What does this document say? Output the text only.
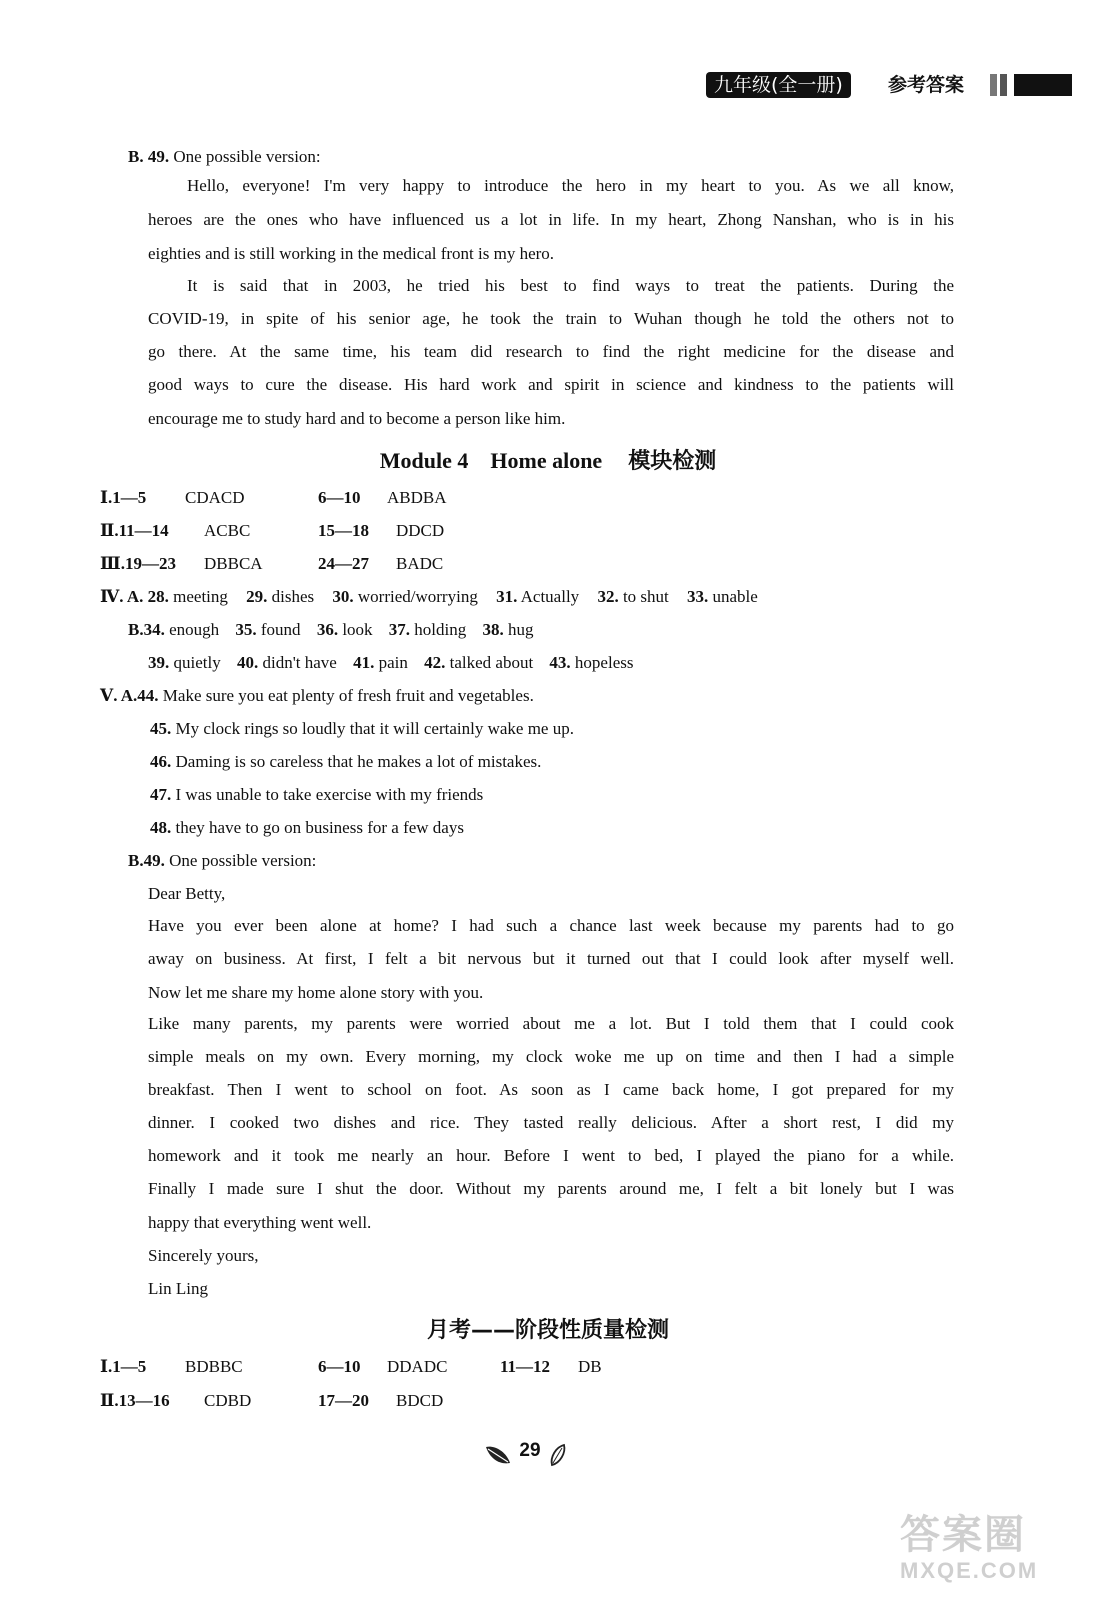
九年级(全一册)	参考答案
B. 49. One possible version:
Hello, everyone! I'm very happy to introduce the hero in my heart to you. As we all know,
heroes are the ones who have influenced us a lot in life. In my heart, Zhong Nanshan, who is in his
eighties and is still working in the medical front is my hero.
It is said that in 2003, he tried his best to find ways to treat the patients. During the
COVID-19, in spite of his senior age, he took the train to Wuhan though he told the others not to
go there. At the same time, his team did research to find the right medicine for the disease and
good ways to cure the disease. His hard work and spirit in science and kindness to the patients will
encourage me to study hard and to become a person like him.
Module 4    Home alone 模块检测
Ⅰ.1—5 CDACD	6—10 ABDBA
Ⅱ.11—14 ACBC	15—18 DDCD
Ⅲ.19—23 DBBCA	24—27 BADC
Ⅳ. A. 28. meeting 29. dishes 30. worried/worrying 31. Actually 32. to shut 33. unable
B.34. enough 35. found 36. look 37. holding 38. hug
39. quietly 40. didn't have 41. pain 42. talked about 43. hopeless
Ⅴ. A.44. Make sure you eat plenty of fresh fruit and vegetables.
45. My clock rings so loudly that it will certainly wake me up.
46. Daming is so careless that he makes a lot of mistakes.
47. I was unable to take exercise with my friends
48. they have to go on business for a few days
B.49. One possible version:
Dear Betty,
Have you ever been alone at home? I had such a chance last week because my parents had to go
away on business. At first, I felt a bit nervous but it turned out that I could look after myself well.
Now let me share my home alone story with you.
Like many parents, my parents were worried about me a lot. But I told them that I could cook
simple meals on my own. Every morning, my clock woke me up on time and then I had a simple
breakfast. Then I went to school on foot. As soon as I came back home, I got prepared for my
dinner. I cooked two dishes and rice. They tasted really delicious. After a short rest, I did my
homework and it took me nearly an hour. Before I went to bed, I played the piano for a while.
Finally I made sure I shut the door. Without my parents around me, I felt a bit lonely but I was
happy that everything went well.
Sincerely yours,
Lin Ling
月考——阶段性质量检测
Ⅰ.1—5 BDBBC	6—10 DDADC	11—12 DB
Ⅱ.13—16 CDBD	17—20 BDCD
29
答案圈
MXQE.COM
